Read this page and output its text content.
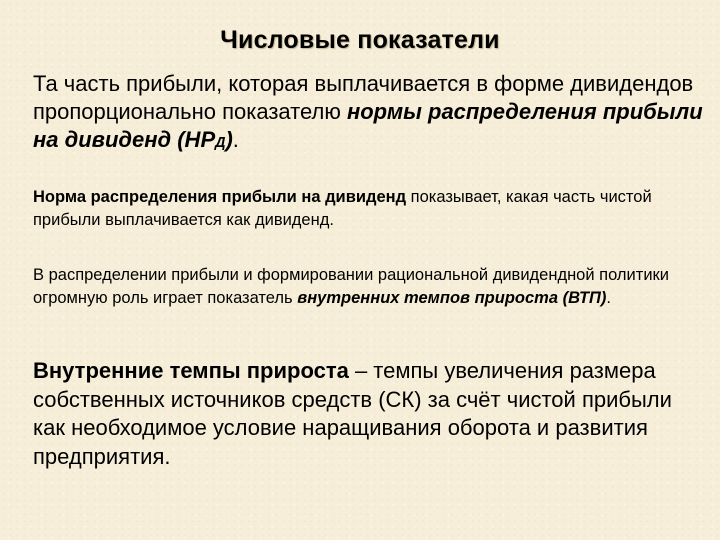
Числовые показатели
Та часть прибыли, которая выплачивается в форме дивидендов пропорционально показателю нормы распределения прибыли на дивиденд (НРД).
Норма распределения прибыли на дивиденд показывает, какая часть чистой прибыли выплачивается как дивиденд.
В распределении прибыли и формировании рациональной дивидендной политики огромную роль играет показатель внутренних темпов прироста (ВТП).
Внутренние темпы прироста – темпы увеличения размера собственных источников средств (СК) за счёт чистой прибыли как необходимое условие наращивания оборота и развития предприятия.
